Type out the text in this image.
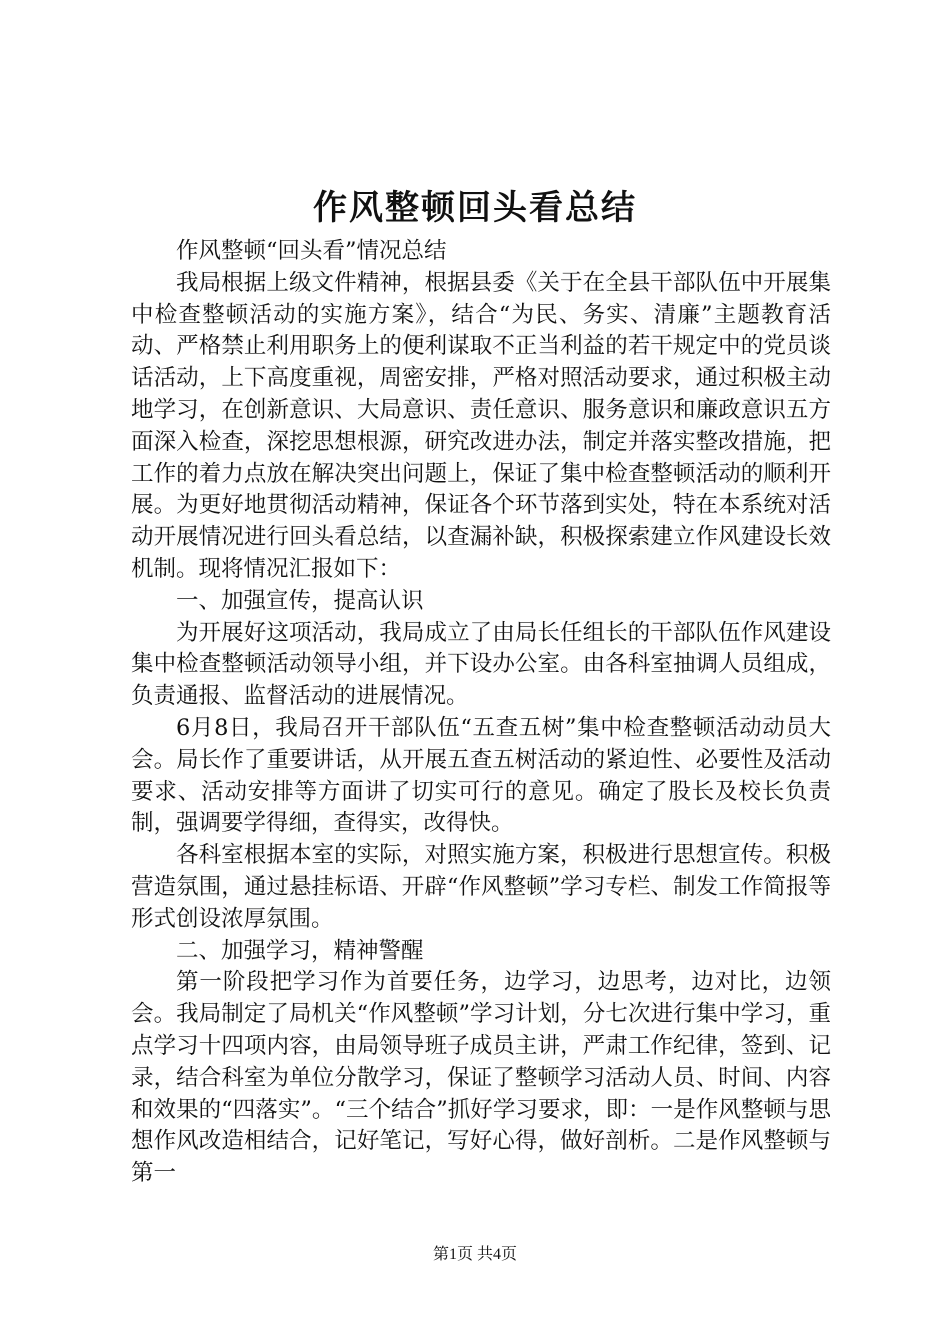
作风整顿回头看总结

作风整顿“回头看”情况总结

我局根据上级文件精神，根据县委《关于在全县干部队伍中开展集中检查整顿活动的实施方案》，结合“为民、务实、清廉”主题教育活动、严格禁止利用职务上的便利谋取不正当利益的若干规定中的党员谈话活动，上下高度重视，周密安排，严格对照活动要求，通过积极主动地学习，在创新意识、大局意识、责任意识、服务意识和廉政意识五方面深入检查，深挖思想根源，研究改进办法，制定并落实整改措施，把工作的着力点放在解决突出问题上，保证了集中检查整顿活动的顺利开展。为更好地贯彻活动精神，保证各个环节落到实处，特在本系统对活动开展情况进行回头看总结，以查漏补缺，积极探索建立作风建设长效机制。现将情况汇报如下：

一、加强宣传，提高认识

为开展好这项活动，我局成立了由局长任组长的干部队伍作风建设集中检查整顿活动领导小组，并下设办公室。由各科室抽调人员组成，负责通报、监督活动的进展情况。

6月8日，我局召开干部队伍“五查五树”集中检查整顿活动动员大会。局长作了重要讲话，从开展五查五树活动的紧迫性、必要性及活动要求、活动安排等方面讲了切实可行的意见。确定了股长及校长负责制，强调要学得细，查得实，改得快。

各科室根据本室的实际，对照实施方案，积极进行思想宣传。积极营造氛围，通过悬挂标语、开辟“作风整顿”学习专栏、制发工作简报等形式创设浓厚氛围。

二、加强学习，精神警醒

第一阶段把学习作为首要任务，边学习，边思考，边对比，边领会。我局制定了局机关“作风整顿”学习计划，分七次进行集中学习，重点学习十四项内容，由局领导班子成员主讲，严肃工作纪律，签到、记录，结合科室为单位分散学习，保证了整顿学习活动人员、时间、内容和效果的“四落实”。“三个结合”抓好学习要求，即：一是作风整顿与思想作风改造相结合，记好笔记，写好心得，做好剖析。二是作风整顿与第一

第1页 共4页
